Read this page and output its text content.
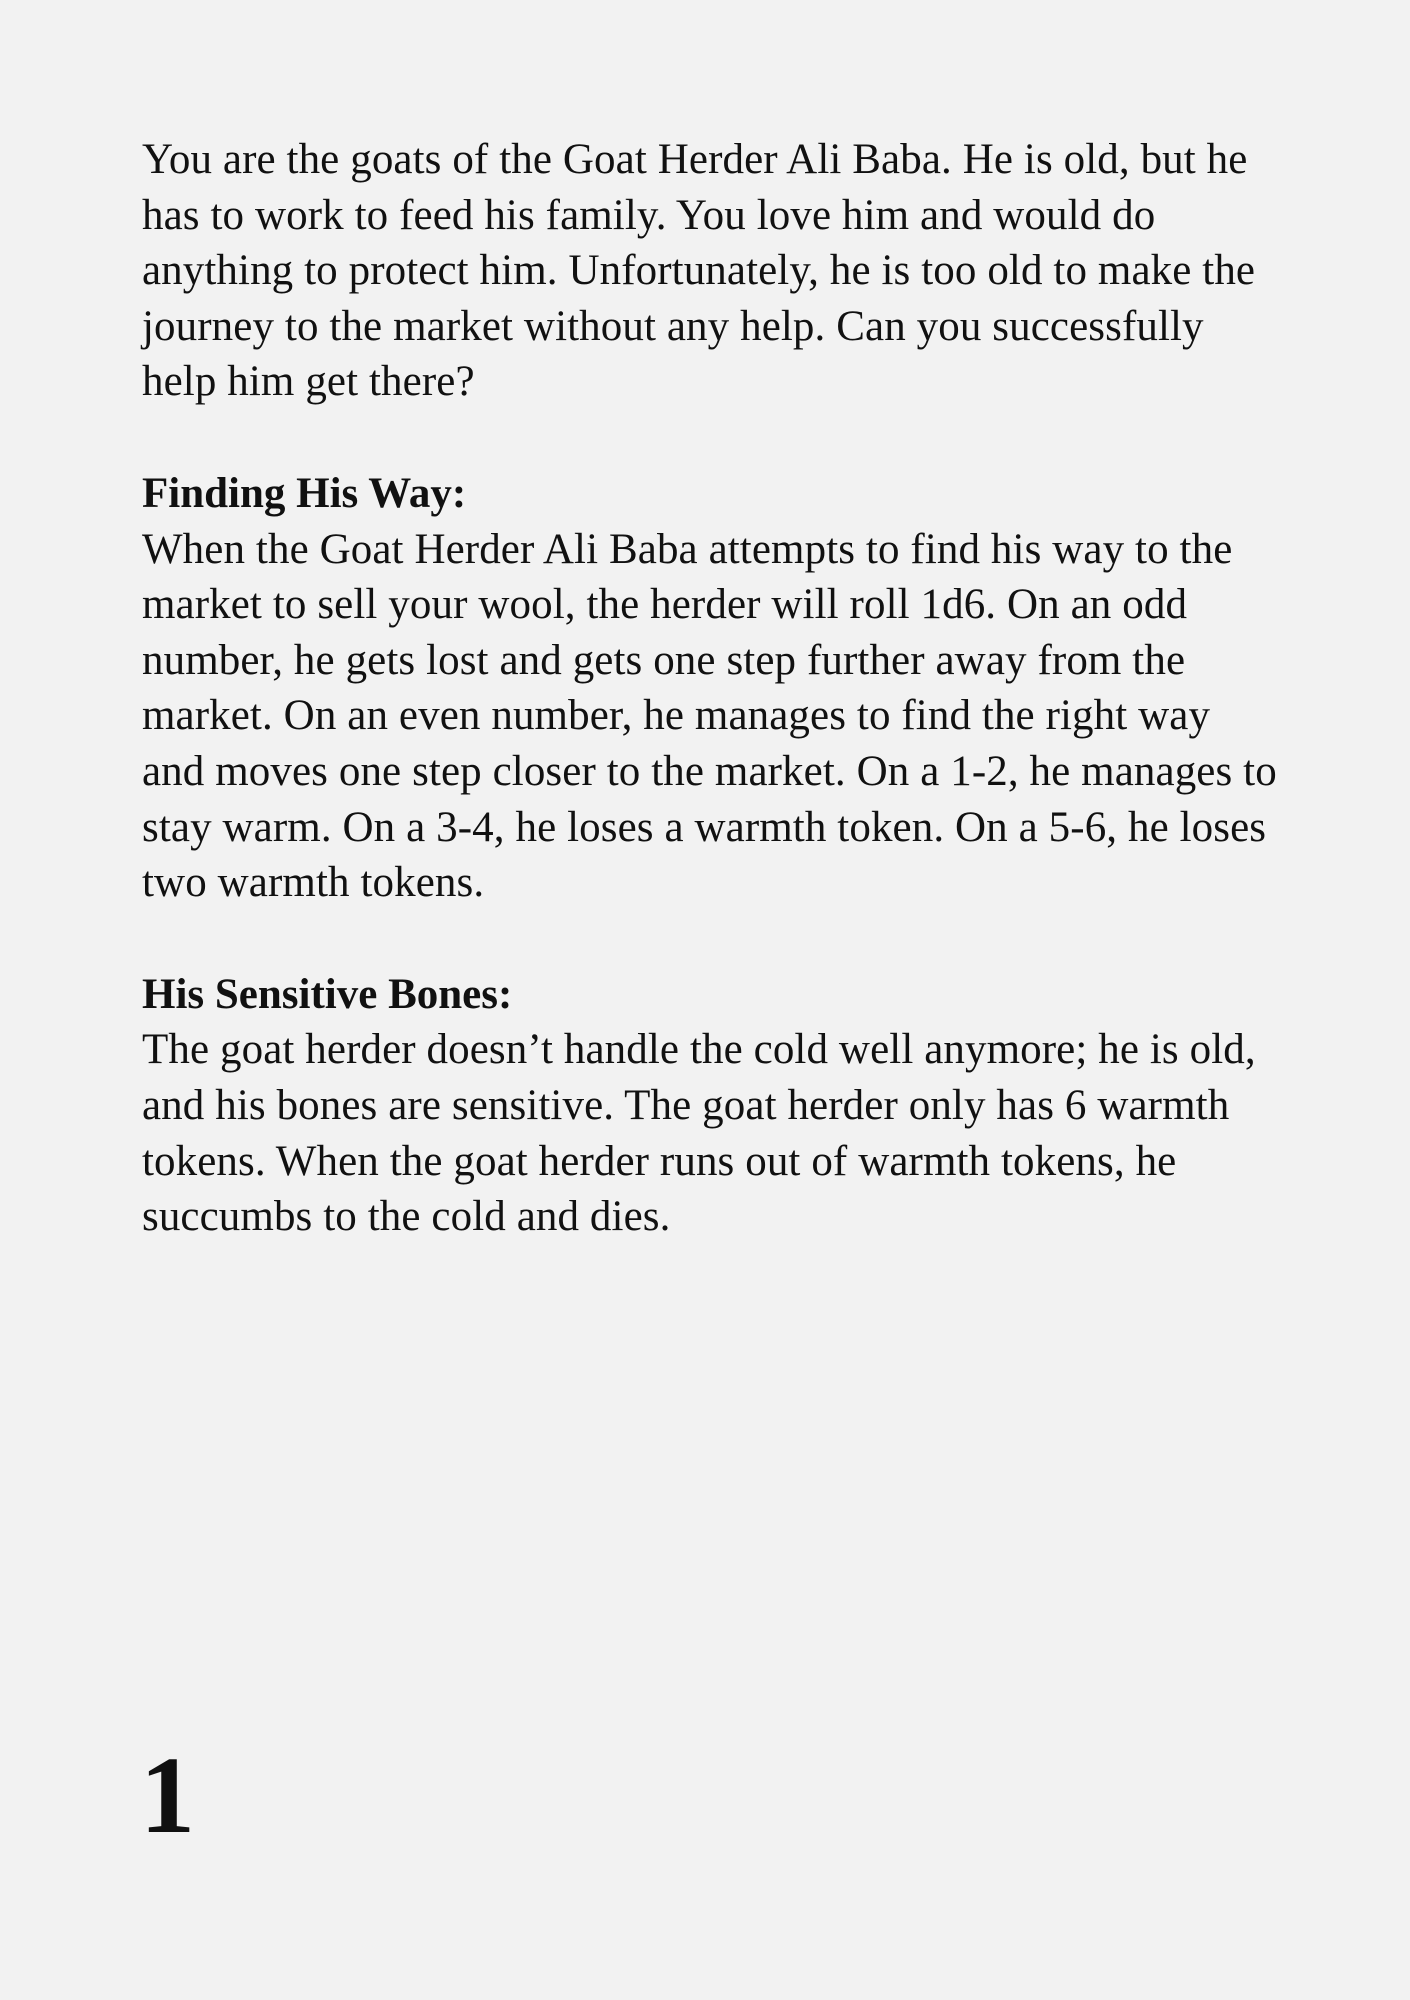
You are the goats of the Goat Herder Ali Baba. He is old, but he has to work to feed his family. You love him and would do anything to protect him. Unfortunately, he is too old to make the journey to the market without any help. Can you successfully help him get there?

Finding His Way:

When the Goat Herder Ali Baba attempts to find his way to the market to sell your wool, the herder will roll 1d6. On an odd number, he gets lost and gets one step further away from the market. On an even number, he manages to find the right way and moves one step closer to the market. On a 1-2, he manages to stay warm. On a 3-4, he loses a warmth token. On a 5-6, he loses two warmth tokens.

His Sensitive Bones:

The goat herder doesn’t handle the cold well anymore; he is old, and his bones are sensitive. The goat herder only has 6 warmth tokens. When the goat herder runs out of warmth tokens, he succumbs to the cold and dies.

1
